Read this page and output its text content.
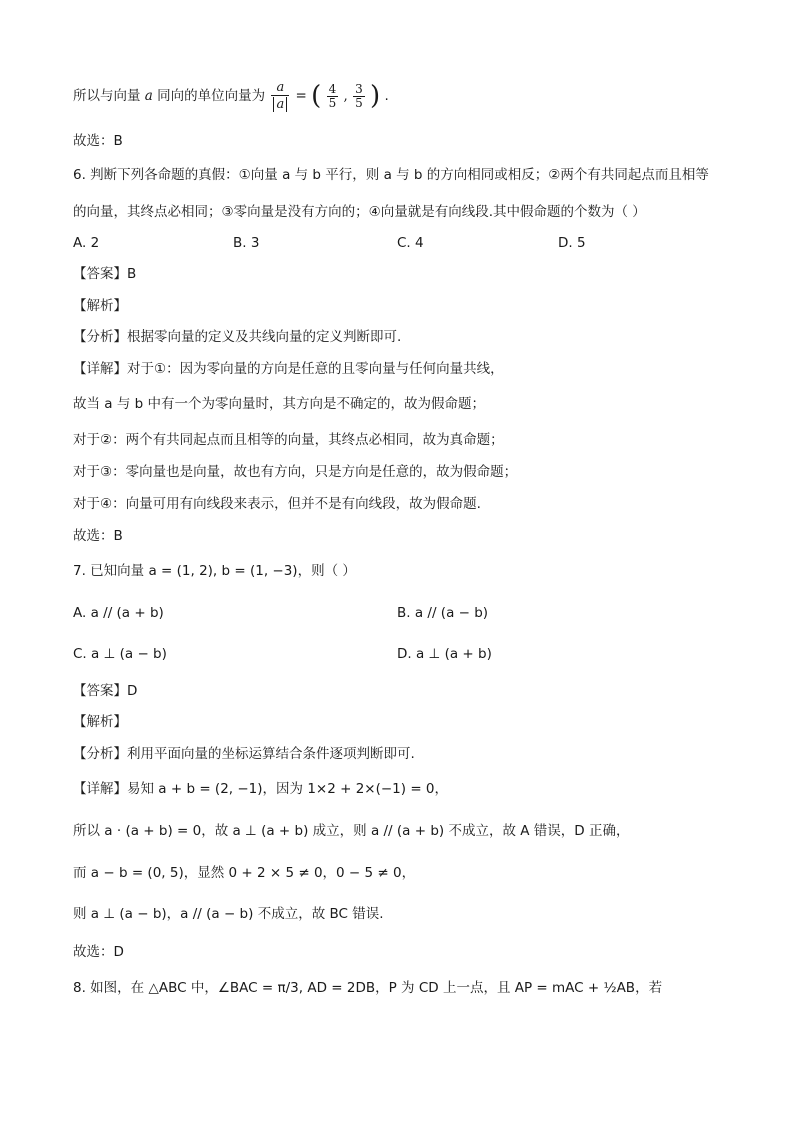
所以与向量 a 同向的单位向量为 $\frac{a}{a}$ = ( $\frac{4}{5}$ , $\frac{3}{5}$ ) .
故选：B
6. 判断下列各命题的真假：①向量 a 与 b 平行，则 a 与 b 的方向相同或相反；②两个有共同起点而且相等
的向量，其终点必相同；③零向量是没有方向的；④向量就是有向线段.其中假命题的个数为（ ）
A. 2	B. 3	C. 4	D. 5
【答案】B
【解析】
【分析】根据零向量的定义及共线向量的定义判断即可.
【详解】对于①：因为零向量的方向是任意的且零向量与任何向量共线，
故当 a 与 b 中有一个为零向量时，其方向是不确定的，故为假命题；
对于②：两个有共同起点而且相等的向量，其终点必相同，故为真命题；
对于③：零向量也是向量，故也有方向，只是方向是任意的，故为假命题；
对于④：向量可用有向线段来表示，但并不是有向线段，故为假命题.
故选：B
7. 已知向量 a = (1, 2), b = (1, −3)，则（ ）
A. a // (a + b)	B. a // (a − b)
C. a ⊥ (a − b)	D. a ⊥ (a + b)
【答案】D
【解析】
【分析】利用平面向量的坐标运算结合条件逐项判断即可.
【详解】易知 a + b = (2, −1)，因为 1×2 + 2×(−1) = 0，
所以 a · (a + b) = 0，故 a ⊥ (a + b) 成立，则 a // (a + b) 不成立，故 A 错误，D 正确，
而 a − b = (0, 5)，显然 0 + 2 × 5 ≠ 0，0 − 5 ≠ 0，
则 a ⊥ (a − b)，a // (a − b) 不成立，故 BC 错误.
故选：D
8. 如图，在 △ABC 中，∠BAC = π/3, AD = 2DB，P 为 CD 上一点，且 AP = mAC + ½AB，若
